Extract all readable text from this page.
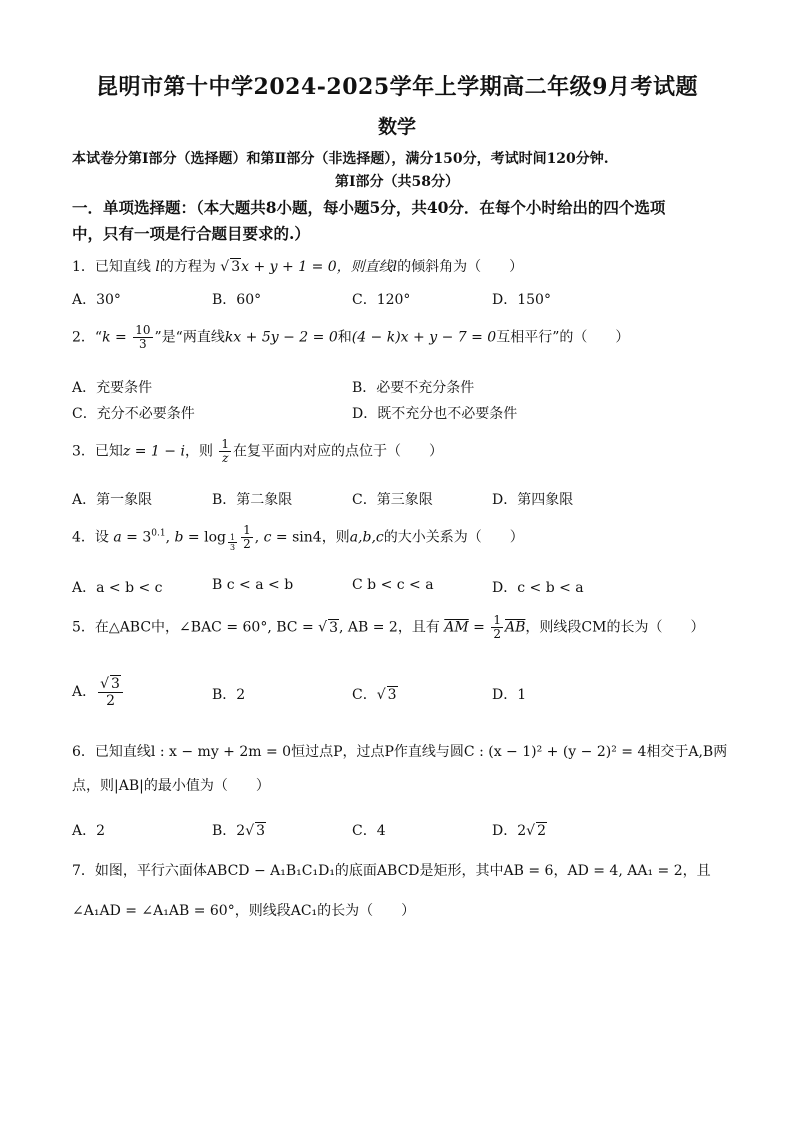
昆明市第十中学2024-2025学年上学期高二年级9月考试题
数学
本试卷分第Ⅰ部分（选择题）和第Ⅱ部分（非选择题），满分150分，考试时间120分钟.
第Ⅰ部分（共58分）
一．单项选择题：（本大题共8小题，每小题5分，共40分．在每个小时给出的四个选项
中，只有一项是行合题目要求的.）
1．已知直线 l的方程为 √ 3x + y + 1 = 0，则直线l的倾斜角为（　　）
A．30°	B．60°	C．120°	D．150°
2．“$k = \frac{10}{3}$ ”是“两直线kx + 5y − 2 = 0和(4 − k)x + y − 7 = 0互相平行”的（　　）
A．充要条件	B．必要不充分条件
C．充分不必要条件	D．既不充分也不必要条件
3．已知z = 1 − i，则 $\frac{1}{z}$ 在复平面内对应的点位于（　　）
A．第一象限	B．第二象限	C．第三象限	D．第四象限
4．设 $a = 3^{0.1}$, $b = \log _{\frac{1}{3}} \frac{1}{2}$ , c = sin4，则a,b,c的大小关系为（　　）
A．a < b < c	B c < a < b	C b < c < a	D．c < b < a
5．在△ABC中，∠BAC = 60°, BC = √ 3, AB = 2，且有 $\overline{AM} = \frac{1}{2} \overline{AB}$，则线段CM的长为（　　）
A． $\frac{√ 3}{2}$	B．2	C．√ 3	D．1
6．已知直线l : x − my + 2m = 0恒过点P，过点P作直线与圆C : (x − 1)² + (y − 2)² = 4相交于A,B两
点，则|AB|的最小值为（　　）
A．2	B．2√ 3	C．4	D．2√ 2
7．如图，平行六面体ABCD − A₁B₁C₁D₁的底面ABCD是矩形，其中AB = 6，AD = 4, AA₁ = 2，且
∠A₁AD = ∠A₁AB = 60°，则线段AC₁的长为（　　）
